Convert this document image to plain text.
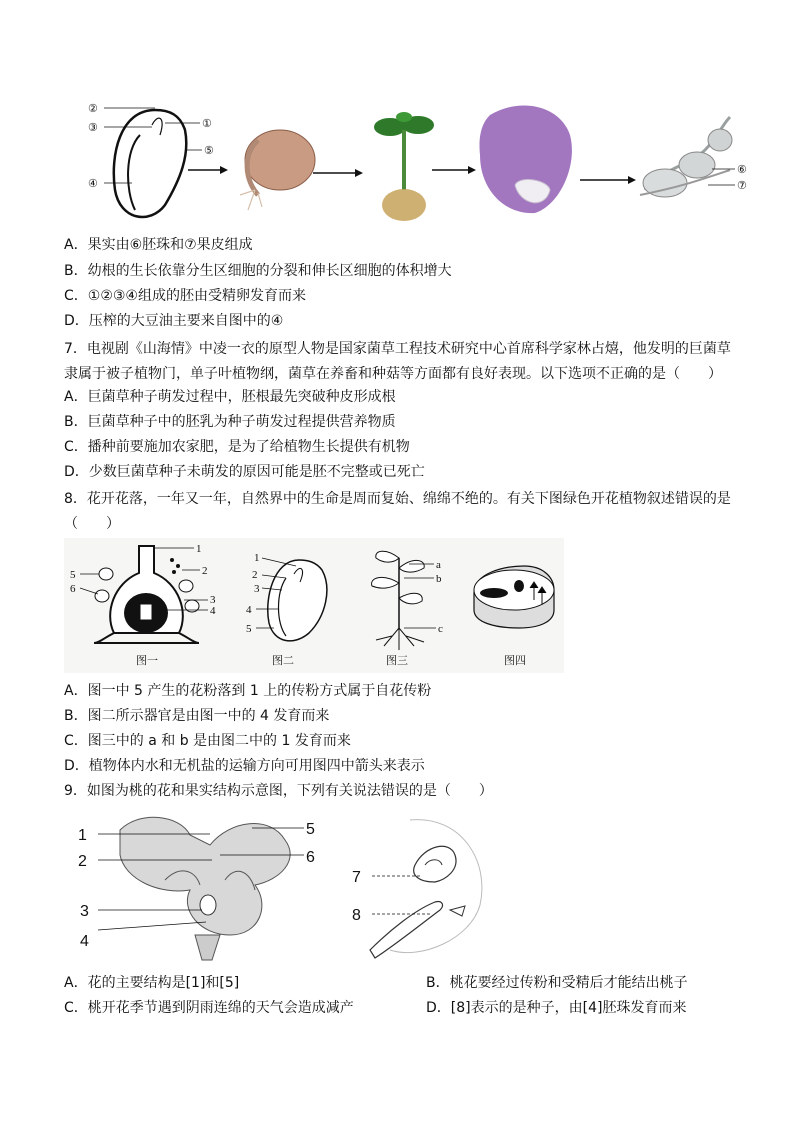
②
③	①
⑤
④
⑥
⑦
A．果实由⑥胚珠和⑦果皮组成
B．幼根的生长依靠分生区细胞的分裂和伸长区细胞的体积增大
C．①②③④组成的胚由受精卵发育而来
D．压榨的大豆油主要来自图中的④
7．电视剧《山海情》中凌一衣的原型人物是国家菌草工程技术研究中心首席科学家林占熺，他发明的巨菌草隶属于被子植物门，单子叶植物纲，菌草在养畜和种菇等方面都有良好表现。以下选项不正确的是（　　）
A．巨菌草种子萌发过程中，胚根最先突破种皮形成根
B．巨菌草种子中的胚乳为种子萌发过程提供营养物质
C．播种前要施加农家肥，是为了给植物生长提供有机物
D．少数巨菌草种子未萌发的原因可能是胚不完整或已死亡
8．花开花落，一年又一年，自然界中的生命是周而复始、绵绵不绝的。有关下图绿色开花植物叙述错误的是（　　）
1
2
3
4
5
6
图一
1
2
3
4
5
图二
a
b
c
图三	图四
A．图一中 5 产生的花粉落到 1 上的传粉方式属于自花传粉
B．图二所示器官是由图一中的 4 发育而来
C．图三中的 a 和 b 是由图二中的 1 发育而来
D．植物体内水和无机盐的运输方向可用图四中箭头来表示
9．如图为桃的花和果实结构示意图，下列有关说法错误的是（　　）
1
2
3
4
5
6
7
8
A．花的主要结构是[1]和[5]	B．桃花要经过传粉和受精后才能结出桃子
C．桃开花季节遇到阴雨连绵的天气会造成减产	D．[8]表示的是种子，由[4]胚珠发育而来
